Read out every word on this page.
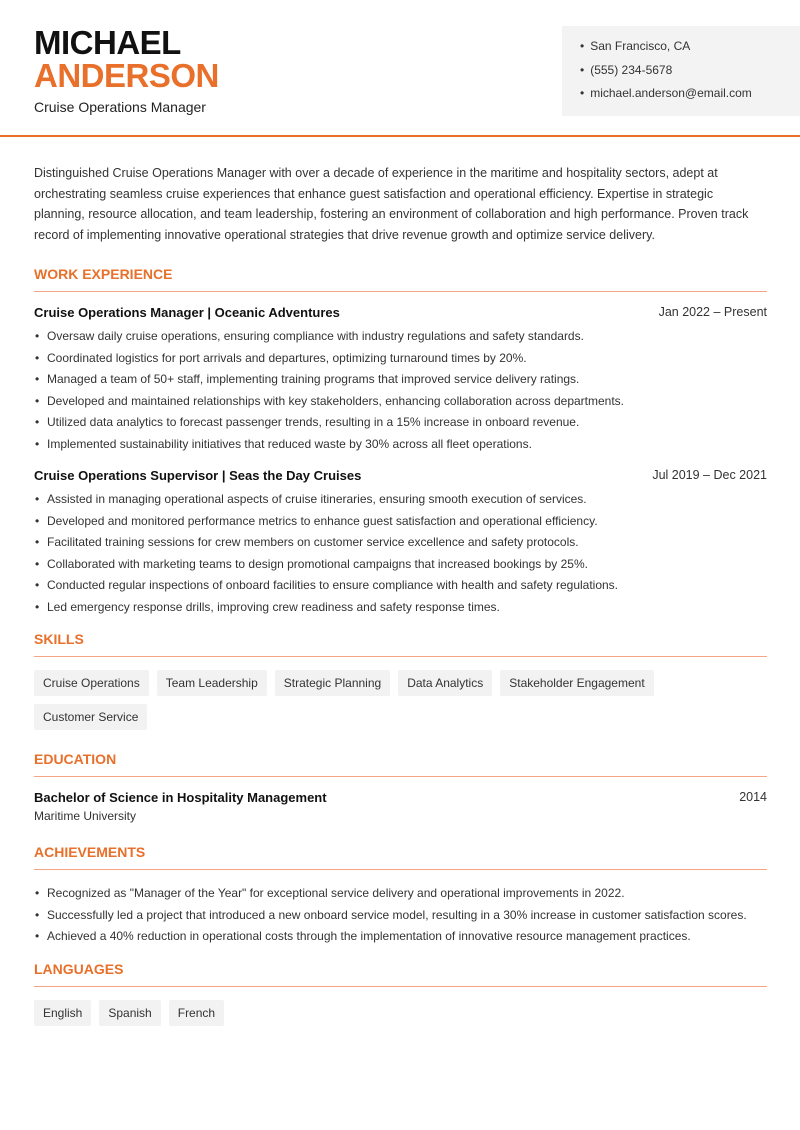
MICHAEL
ANDERSON
Cruise Operations Manager
• San Francisco, CA
• (555) 234-5678
• michael.anderson@email.com

Distinguished Cruise Operations Manager with over a decade of experience in the maritime and hospitality sectors, adept at orchestrating seamless cruise experiences that enhance guest satisfaction and operational efficiency. Expertise in strategic planning, resource allocation, and team leadership, fostering an environment of collaboration and high performance. Proven track record of implementing innovative operational strategies that drive revenue growth and optimize service delivery.

WORK EXPERIENCE
Cruise Operations Manager | Oceanic Adventures	Jan 2022 – Present
• Oversaw daily cruise operations, ensuring compliance with industry regulations and safety standards.
• Coordinated logistics for port arrivals and departures, optimizing turnaround times by 20%.
• Managed a team of 50+ staff, implementing training programs that improved service delivery ratings.
• Developed and maintained relationships with key stakeholders, enhancing collaboration across departments.
• Utilized data analytics to forecast passenger trends, resulting in a 15% increase in onboard revenue.
• Implemented sustainability initiatives that reduced waste by 30% across all fleet operations.
Cruise Operations Supervisor | Seas the Day Cruises	Jul 2019 – Dec 2021
• Assisted in managing operational aspects of cruise itineraries, ensuring smooth execution of services.
• Developed and monitored performance metrics to enhance guest satisfaction and operational efficiency.
• Facilitated training sessions for crew members on customer service excellence and safety protocols.
• Collaborated with marketing teams to design promotional campaigns that increased bookings by 25%.
• Conducted regular inspections of onboard facilities to ensure compliance with health and safety regulations.
• Led emergency response drills, improving crew readiness and safety response times.
SKILLS
Cruise Operations	Team Leadership	Strategic Planning	Data Analytics	Stakeholder Engagement
Customer Service
EDUCATION
Bachelor of Science in Hospitality Management	2014
Maritime University
ACHIEVEMENTS
• Recognized as "Manager of the Year" for exceptional service delivery and operational improvements in 2022.
• Successfully led a project that introduced a new onboard service model, resulting in a 30% increase in customer satisfaction scores.
• Achieved a 40% reduction in operational costs through the implementation of innovative resource management practices.
LANGUAGES
English	Spanish	French
